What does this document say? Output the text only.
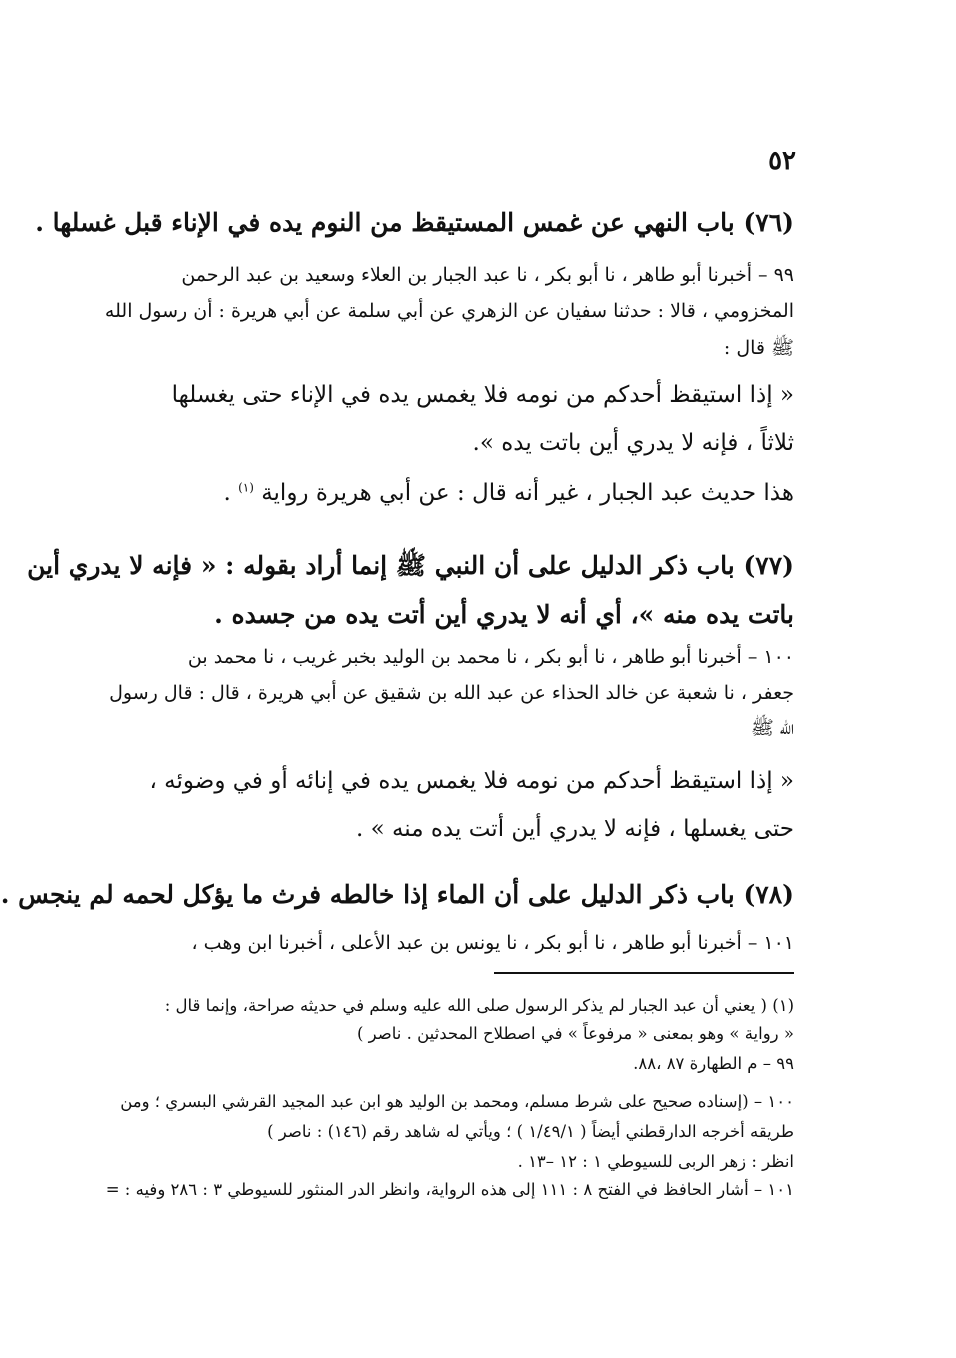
٥٢
(٧٦) باب النهي عن غمس المستيقظ من النوم يده في الإناء قبل غسلها .
٩٩ – أخبرنا أبو طاهر ، نا أبو بكر ، نا عبد الجبار بن العلاء وسعيد بن عبد الرحمن
المخزومي ، قالا : حدثنا سفيان عن الزهري عن أبي سلمة عن أبي هريرة : أن رسول الله
ﷺ قال :
« إذا استيقظ أحدكم من نومه فلا يغمس يده في الإناء حتى يغسلها
ثلاثاً ، فإنه لا يدري أين باتت يده ».
هذا حديث عبد الجبار ، غير أنه قال : عن أبي هريرة رواية $^{(١)}$ .
(٧٧) باب ذكر الدليل على أن النبي ﷺ إنما أراد بقوله : « فإنه لا يدري أين
باتت يده منه »، أي أنه لا يدري أين أتت يده من جسده .
١٠٠ – أخبرنا أبو طاهر ، نا أبو بكر ، نا محمد بن الوليد بخبر غريب ، نا محمد بن
جعفر ، نا شعبة عن خالد الحذاء عن عبد الله بن شقيق عن أبي هريرة ، قال : قال رسول
الله ﷺ
« إذا استيقظ أحدكم من نومه فلا يغمس يده في إنائه أو في وضوئه ،
حتى يغسلها ، فإنه لا يدري أين أتت يده منه » .
(٧٨) باب ذكر الدليل على أن الماء إذا خالطه فرث ما يؤكل لحمه لم ينجس .
١٠١ – أخبرنا أبو طاهر ، نا أبو بكر ، نا يونس بن عبد الأعلى ، أخبرنا ابن وهب ،
(١) ( يعني أن عبد الجبار لم يذكر الرسول صلى الله عليه وسلم في حديثه صراحة، وإنما قال :
« رواية » وهو بمعنى « مرفوعاً » في اصطلاح المحدثين . ناصر )
٩٩ – م الطهارة ٨٧ ،٨٨.
١٠٠ – (إسناده صحيح على شرط مسلم، ومحمد بن الوليد هو ابن عبد المجيد القرشي البسري ؛ ومن
طريقه أخرجه الدارقطني أيضاً ( ١/٤٩/١ ) ؛ ويأتي له شاهد رقم (١٤٦) : ناصر )
انظر : زهر الربى للسيوطي ١ : ١٢ –١٣ .
١٠١ – أشار الحافظ في الفتح ٨ : ١١١ إلى هذه الرواية، وانظر الدر المنثور للسيوطي ٣ : ٢٨٦ وفيه : =
